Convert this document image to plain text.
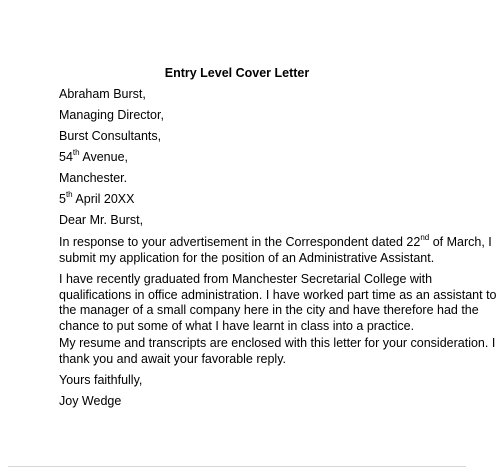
Entry Level Cover Letter
Abraham Burst,
Managing Director,
Burst Consultants,
54th Avenue,
Manchester.
5th April 20XX
Dear Mr. Burst,

In response to your advertisement in the Correspondent dated 22nd of March, I

submit my application for the position of an Administrative Assistant.

I have recently graduated from Manchester Secretarial College with

qualifications in office administration. I have worked part time as an assistant to

the manager of a small company here in the city and have therefore had the

chance to put some of what I have learnt in class into a practice.

My resume and transcripts are enclosed with this letter for your consideration. I

thank you and await your favorable reply.

Yours faithfully,
Joy Wedge
